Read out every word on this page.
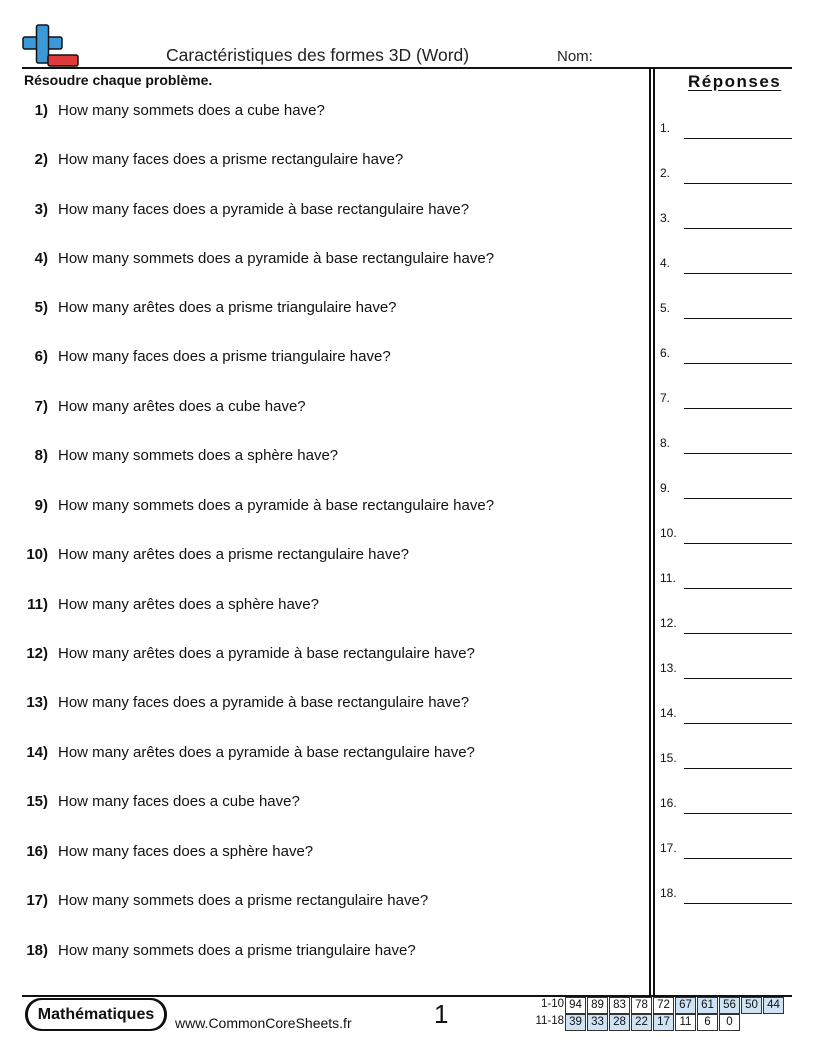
Caractéristiques des formes 3D (Word)	Nom:
Résoudre chaque problème.	Réponses
1) How many sommets does a cube have?
2) How many faces does a prisme rectangulaire have?
3) How many faces does a pyramide à base rectangulaire have?
4) How many sommets does a pyramide à base rectangulaire have?
5) How many arêtes does a prisme triangulaire have?
6) How many faces does a prisme triangulaire have?
7) How many arêtes does a cube have?
8) How many sommets does a sphère have?
9) How many sommets does a pyramide à base rectangulaire have?
10) How many arêtes does a prisme rectangulaire have?
11) How many arêtes does a sphère have?
12) How many arêtes does a pyramide à base rectangulaire have?
13) How many faces does a pyramide à base rectangulaire have?
14) How many arêtes does a pyramide à base rectangulaire have?
15) How many faces does a cube have?
16) How many faces does a sphère have?
17) How many sommets does a prisme rectangulaire have?
18) How many sommets does a prisme triangulaire have?
1.
2.
3.
4.
5.
6.
7.
8.
9.
10.
11.
12.
13.
14.
15.
16.
17.
18.
Mathématiques	www.CommonCoreSheets.fr	1	1-10 94 89 83 78 72 67 61 56 50 44
11-18 39 33 28 22 17 11	6	0
